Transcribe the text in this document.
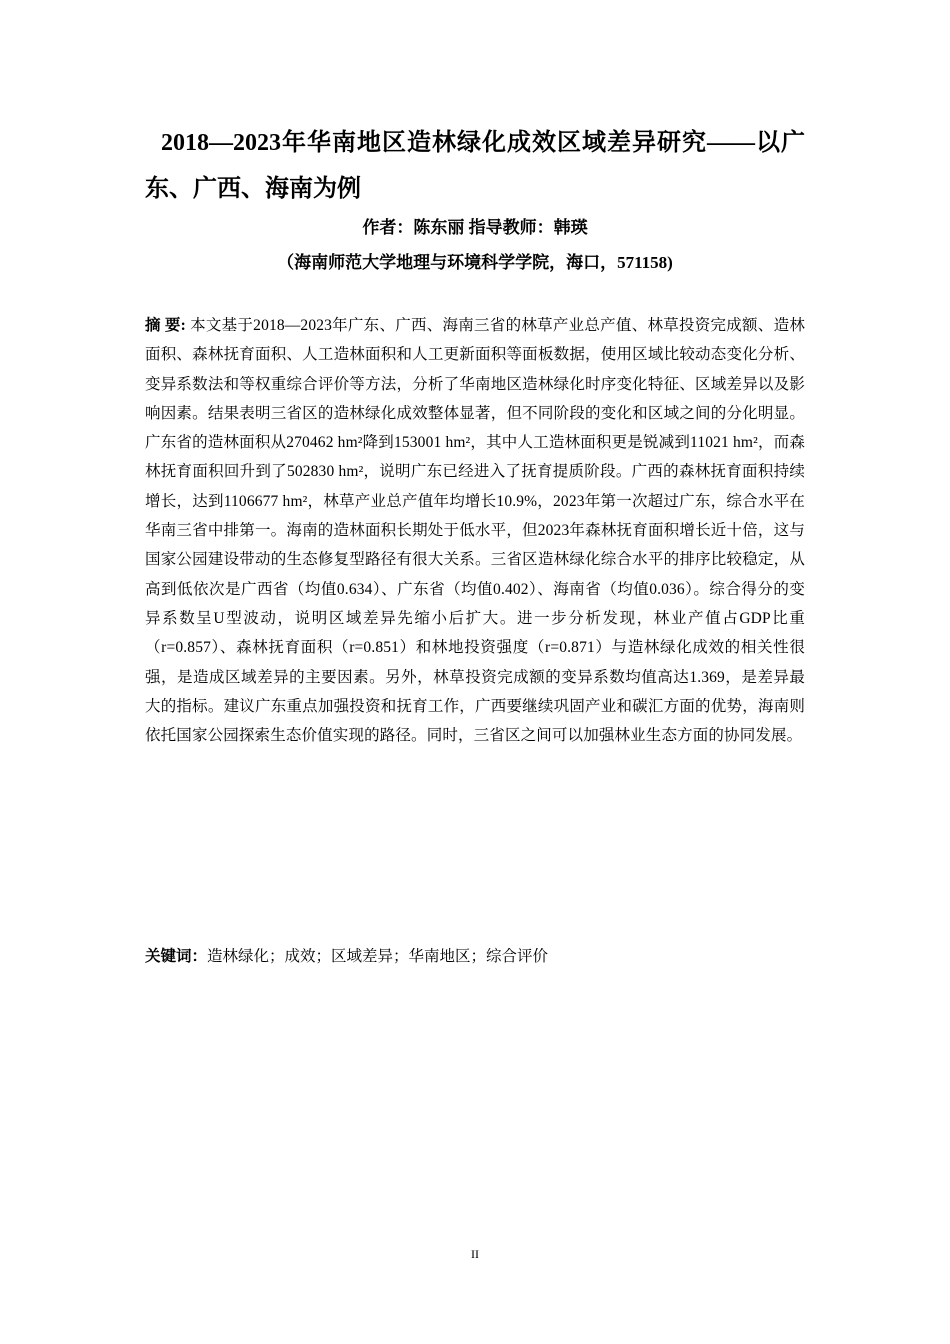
2018—2023年华南地区造林绿化成效区域差异研究——以广东、广西、海南为例
作者：陈东丽 指导教师：韩瑛
（海南师范大学地理与环境科学学院，海口，571158)

摘 要: 本文基于2018—2023年广东、广西、海南三省的林草产业总产值、林草投资完成额、造林面积、森林抚育面积、人工造林面积和人工更新面积等面板数据，使用区域比较动态变化分析、变异系数法和等权重综合评价等方法，分析了华南地区造林绿化时序变化特征、区域差异以及影响因素。结果表明三省区的造林绿化成效整体显著，但不同阶段的变化和区域之间的分化明显。广东省的造林面积从270462 hm²降到153001 hm²，其中人工造林面积更是锐减到11021 hm²，而森林抚育面积回升到了502830 hm²，说明广东已经进入了抚育提质阶段。广西的森林抚育面积持续增长，达到1106677 hm²，林草产业总产值年均增长10.9%，2023年第一次超过广东，综合水平在华南三省中排第一。海南的造林面积长期处于低水平，但2023年森林抚育面积增长近十倍，这与国家公园建设带动的生态修复型路径有很大关系。三省区造林绿化综合水平的排序比较稳定，从高到低依次是广西省（均值0.634）、广东省（均值0.402）、海南省（均值0.036）。综合得分的变异系数呈U型波动，说明区域差异先缩小后扩大。进一步分析发现，林业产值占GDP比重（r=0.857）、森林抚育面积（r=0.851）和林地投资强度（r=0.871）与造林绿化成效的相关性很强，是造成区域差异的主要因素。另外，林草投资完成额的变异系数均值高达1.369，是差异最大的指标。建议广东重点加强投资和抚育工作，广西要继续巩固产业和碳汇方面的优势，海南则依托国家公园探索生态价值实现的路径。同时，三省区之间可以加强林业生态方面的协同发展。

关键词：造林绿化；成效；区域差异；华南地区；综合评价

II
